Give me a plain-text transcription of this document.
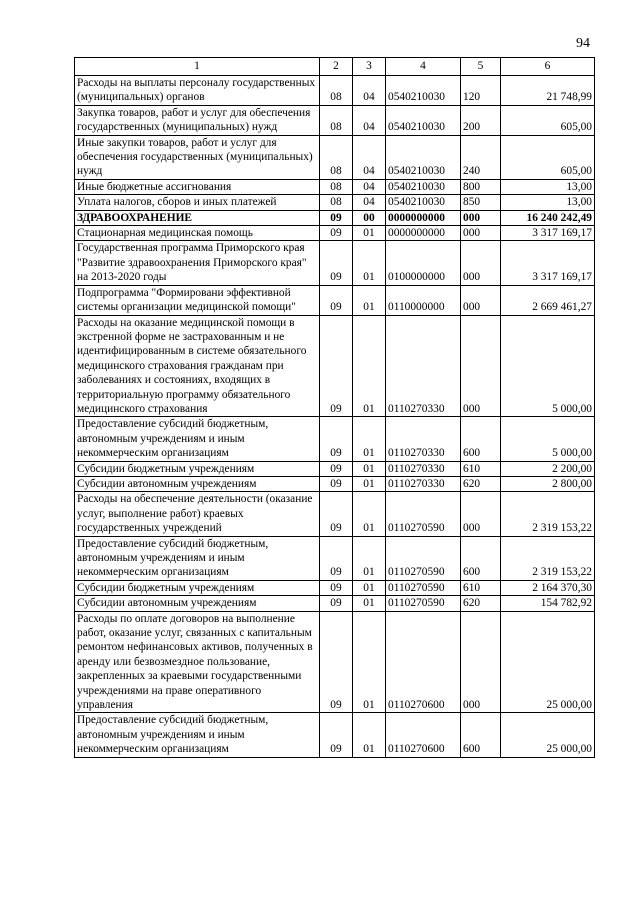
94
1	2	3	4	5	6
Расходы на выплаты персоналу государственных (муниципальных) органов	08	04	0540210030	120	21 748,99
Закупка товаров, работ и услуг для обеспечения государственных (муниципальных) нужд	08	04	0540210030	200	605,00
Иные закупки товаров, работ и услуг для обеспечения государственных (муниципальных) нужд	08	04	0540210030	240	605,00
Иные бюджетные ассигнования	08	04	0540210030	800	13,00
Уплата налогов, сборов и иных платежей	08	04	0540210030	850	13,00
ЗДРАВООХРАНЕНИЕ	09	00	0000000000	000	16 240 242,49
Стационарная медицинская помощь	09	01	0000000000	000	3 317 169,17
Государственная программа Приморского края "Развитие здравоохранения Приморского края" на 2013-2020 годы	09	01	0100000000	000	3 317 169,17
Подпрограмма "Формировани эффективной системы организации медицинской помощи"	09	01	0110000000	000	2 669 461,27
Расходы на оказание медицинской помощи в экстренной форме не застрахованным и не идентифицированным в системе обязательного медицинского страхования гражданам при заболеваниях и состояниях, входящих в территориальную программу обязательного медицинского страхования	09	01	0110270330	000	5 000,00
Предоставление субсидий бюджетным, автономным учреждениям и иным некоммерческим организациям	09	01	0110270330	600	5 000,00
Субсидии бюджетным учреждениям	09	01	0110270330	610	2 200,00
Субсидии автономным учреждениям	09	01	0110270330	620	2 800,00
Расходы на обеспечение деятельности (оказание услуг, выполнение работ) краевых государственных учреждений	09	01	0110270590	000	2 319 153,22
Предоставление субсидий бюджетным, автономным учреждениям и иным некоммерческим организациям	09	01	0110270590	600	2 319 153,22
Субсидии бюджетным учреждениям	09	01	0110270590	610	2 164 370,30
Субсидии автономным учреждениям	09	01	0110270590	620	154 782,92
Расходы по оплате договоров на выполнение работ, оказание услуг, связанных с капитальным ремонтом нефинансовых активов, полученных в аренду или безвозмездное пользование, закрепленных за краевыми государственными учреждениями на праве оперативного управления	09	01	0110270600	000	25 000,00
Предоставление субсидий бюджетным, автономным учреждениям и иным некоммерческим организациям	09	01	0110270600	600	25 000,00
